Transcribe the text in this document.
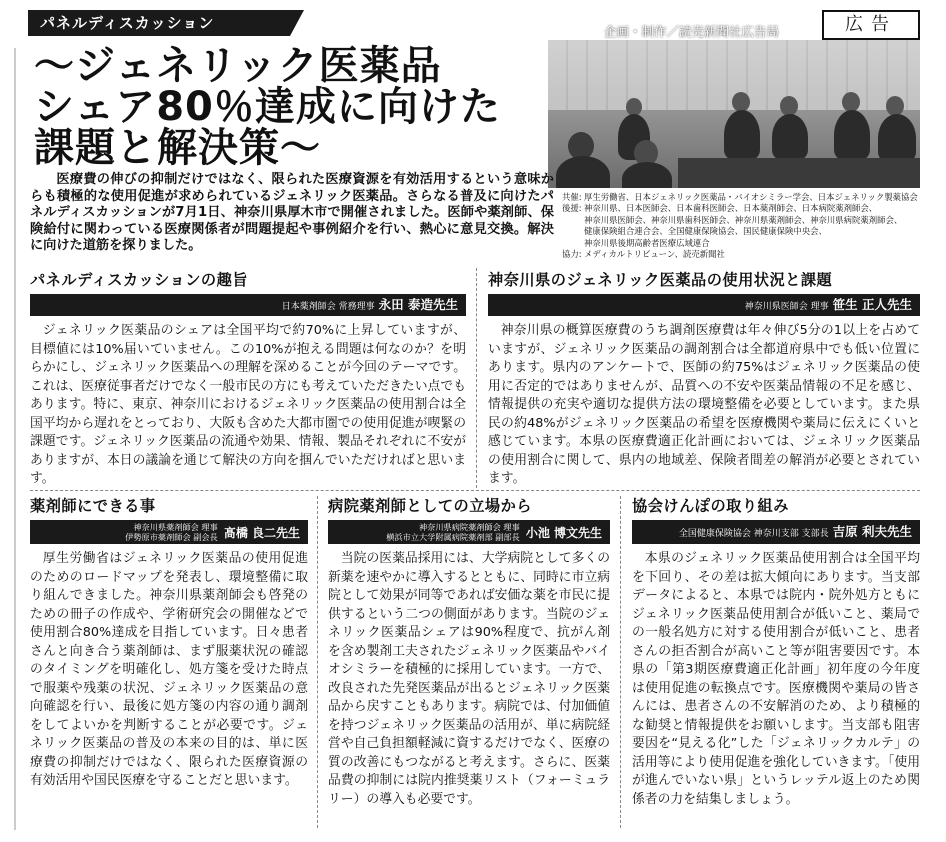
パネルディスカッション	企画・制作／読売新聞社広告局	広告
～ジェネリック医薬品
シェア80％達成に向けた
課題と解決策～

医療費の伸びの抑制だけではなく、限られた医療資源を有効活用するという意味からも積極的な使用促進が求められているジェネリック医薬品。さらなる普及に向けたパネルディスカッションが7月1日、神奈川県厚木市で開催されました。医師や薬剤師、保険給付に関わっている医療関係者が問題提起や事例紹介を行い、熱心に意見交換。解決に向けた道筋を探りました。

共催: 厚生労働省、日本ジェネリック医薬品・バイオシミラー学会、日本ジェネリック製薬協会
後援: 神奈川県、日本医師会、日本歯科医師会、日本薬剤師会、日本病院薬剤師会、
神奈川県医師会、神奈川県歯科医師会、神奈川県薬剤師会、神奈川県病院薬剤師会、
健康保険組合連合会、全国健康保険協会、国民健康保険中央会、
神奈川県後期高齢者医療広域連合
協力: メディカルトリビューン、読売新聞社
パネルディスカッションの趣旨
日本薬剤師会 常務理事 永田 泰造先生

ジェネリック医薬品のシェアは全国平均で約70%に上昇していますが、目標値には10%届いていません。この10%が抱える問題は何なのか？を明らかにし、ジェネリック医薬品への理解を深めることが今回のテーマです。これは、医療従事者だけでなく一般市民の方にも考えていただきたい点でもあります。特に、東京、神奈川におけるジェネリック医薬品の使用割合は全国平均から遅れをとっており、大阪も含めた大都市圏での使用促進が喫緊の課題です。ジェネリック医薬品の流通や効果、情報、製品それぞれに不安がありますが、本日の議論を通じて解決の方向を掴んでいただければと思います。

神奈川県のジェネリック医薬品の使用状況と課題
神奈川県医師会 理事 笹生 正人先生

神奈川県の概算医療費のうち調剤医療費は年々伸び5分の1以上を占めていますが、ジェネリック医薬品の調剤割合は全都道府県中でも低い位置にあります。県内のアンケートで、医師の約75%はジェネリック医薬品の使用に否定的ではありませんが、品質への不安や医薬品情報の不足を感じ、情報提供の充実や適切な提供方法の環境整備を必要としています。また県民の約48%がジェネリック医薬品の希望を医療機関や薬局に伝えにくいと感じています。本県の医療費適正化計画においては、ジェネリック医薬品の使用割合に関して、県内の地域差、保険者間差の解消が必要とされています。

薬剤師にできる事
神奈川県薬剤師会 理事
伊勢原市薬剤師会 副会長 髙橋 良二先生

厚生労働省はジェネリック医薬品の使用促進のためのロードマップを発表し、環境整備に取り組んできました。神奈川県薬剤師会も啓発のための冊子の作成や、学術研究会の開催などで使用割合80%達成を目指しています。日々患者さんと向き合う薬剤師は、まず服薬状況の確認のタイミングを明確化し、処方箋を受けた時点で服薬や残薬の状況、ジェネリック医薬品の意向確認を行い、最後に処方箋の内容の通り調剤をしてよいかを判断することが必要です。ジェネリック医薬品の普及の本来の目的は、単に医療費の抑制だけではなく、限られた医療資源の有効活用や国民医療を守ることだと思います。

病院薬剤師としての立場から
神奈川県病院薬剤師会 理事
横浜市立大学附属病院薬剤部 副部長 小池 博文先生

当院の医薬品採用には、大学病院として多くの新薬を速やかに導入するとともに、同時に市立病院として効果が同等であれば安価な薬を市民に提供するという二つの側面があります。当院のジェネリック医薬品シェアは90%程度で、抗がん剤を含め製剤工夫されたジェネリック医薬品やバイオシミラーを積極的に採用しています。一方で、改良された先発医薬品が出るとジェネリック医薬品から戻すこともあります。病院では、付加価値を持つジェネリック医薬品の活用が、単に病院経営や自己負担額軽減に資するだけでなく、医療の質の改善にもつながると考えます。さらに、医薬品費の抑制には院内推奨薬リスト（フォーミュラリー）の導入も必要です。

協会けんぽの取り組み
全国健康保険協会 神奈川支部 支部長 吉原 利夫先生

本県のジェネリック医薬品使用割合は全国平均を下回り、その差は拡大傾向にあります。当支部データによると、本県では院内・院外処方ともにジェネリック医薬品使用割合が低いこと、薬局での一般名処方に対する使用割合が低いこと、患者さんの拒否割合が高いこと等が阻害要因です。本県の「第3期医療費適正化計画」初年度の今年度は使用促進の転換点です。医療機関や薬局の皆さんには、患者さんの不安解消のため、より積極的な勧奨と情報提供をお願いします。当支部も阻害要因を“見える化”した「ジェネリックカルテ」の活用等により使用促進を強化していきます。「使用が進んでいない県」というレッテル返上のため関係者の力を結集しましょう。
